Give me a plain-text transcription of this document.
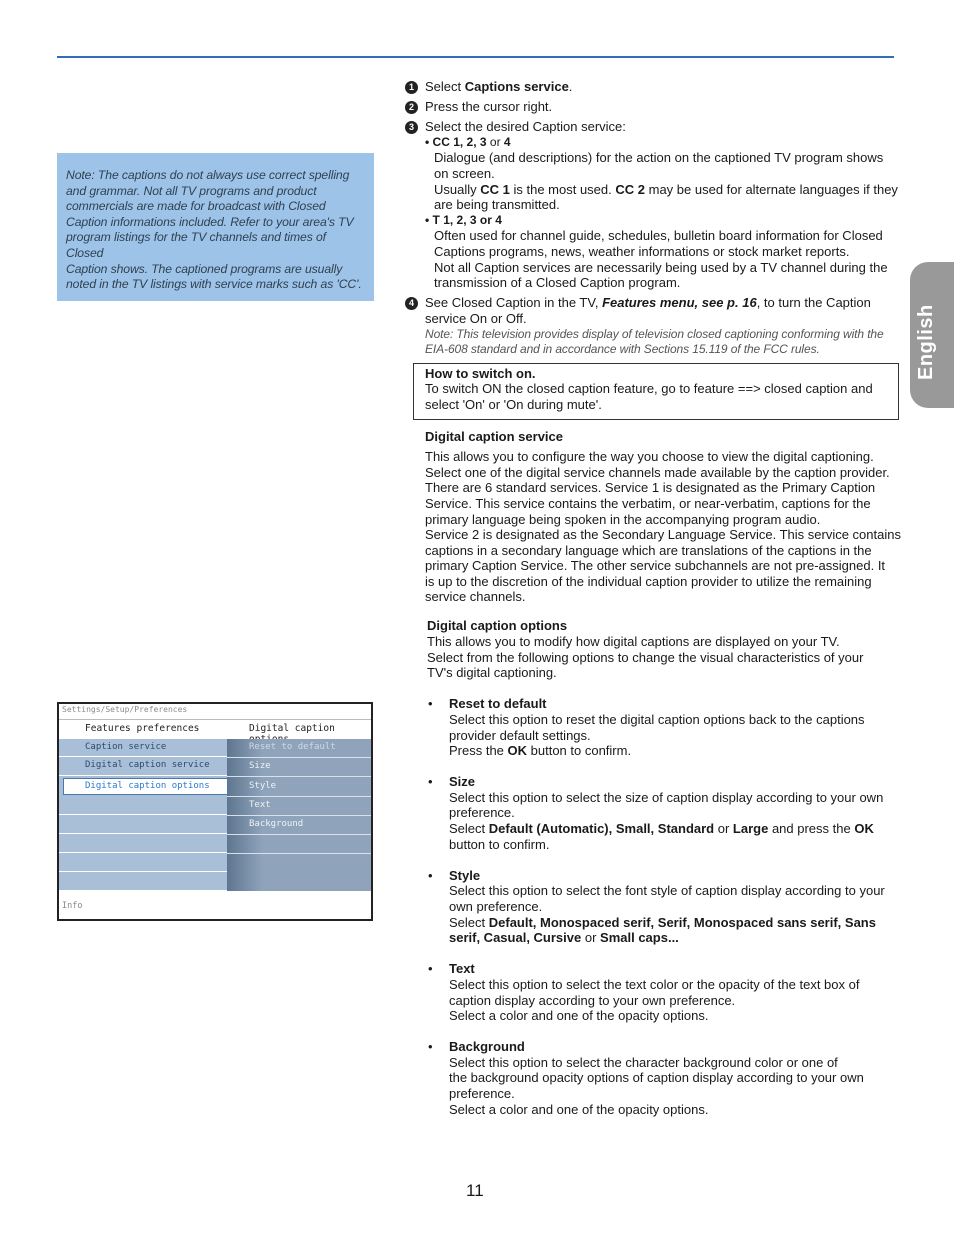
Note: The captions do not always use correct spelling

and grammar. Not all TV programs and product

commercials are made for broadcast with Closed

Caption informations included. Refer to your area's TV

program listings for the TV channels and times of Closed

Caption shows. The captioned programs are usually

noted in the TV listings with service marks such as 'CC'.

English
1 Select Captions service.
2 Press the cursor right.
3 Select the desired Caption service:
• CC 1, 2, 3 or 4
Dialogue (and descriptions) for the action on the captioned TV program shows
on screen.
Usually CC 1 is the most used. CC 2 may be used for alternate languages if they
are being transmitted.
• T 1, 2, 3 or 4
Often used for channel guide, schedules, bulletin board information for Closed
Captions programs, news, weather informations or stock market reports.
Not all Caption services are necessarily being used by a TV channel during the
transmission of a Closed Caption program.
4 See Closed Caption in the TV, Features menu, see p. 16, to turn the Caption
service On or Off.
Note: This television provides display of television closed captioning conforming with the
EIA-608 standard and in accordance with Sections 15.119 of the FCC rules.
How to switch on.
To switch ON the closed caption feature, go to feature ==> closed caption and
select 'On' or 'On during mute'.
Digital caption service
This allows you to configure the way you choose to view the digital captioning.
Select one of the digital service channels made available by the caption provider.
There are 6 standard services. Service 1 is designated as the Primary Caption
Service. This service contains the verbatim, or near-verbatim, captions for the
primary language being spoken in the accompanying program audio.
Service 2 is designated as the Secondary Language Service. This service contains
captions in a secondary language which are translations of the captions in the
primary Caption Service. The other service subchannels are not pre-assigned. It
is up to the discretion of the individual caption provider to utilize the remaining
service channels.
Digital caption options
This allows you to modify how digital captions are displayed on your TV.
Select from the following options to change the visual characteristics of your
TV's digital captioning.
• Reset to default
Select this option to reset the digital caption options back to the captions
provider default settings.
Press the OK button to confirm.
• Size
Select this option to select the size of caption display according to your own
preference.
Select Default (Automatic), Small, Standard or Large and press the OK
button to confirm.
• Style
Select this option to select the font style of caption display according to your
own preference.
Select Default, Monospaced serif, Serif, Monospaced sans serif, Sans
serif, Casual, Cursive or Small caps...
• Text
Select this option to select the text color or the opacity of the text box of
caption display according to your own preference.
Select a color and one of the opacity options.
• Background
Select this option to select the character background color or one of
the background opacity options of caption display according to your own
preference.
Select a color and one of the opacity options.
Settings/Setup/Preferences
Features preferences	Digital caption
Caption service
Digital caption service
Digital caption options
Reset to default
Size
Style
Text
Background
Info
11
